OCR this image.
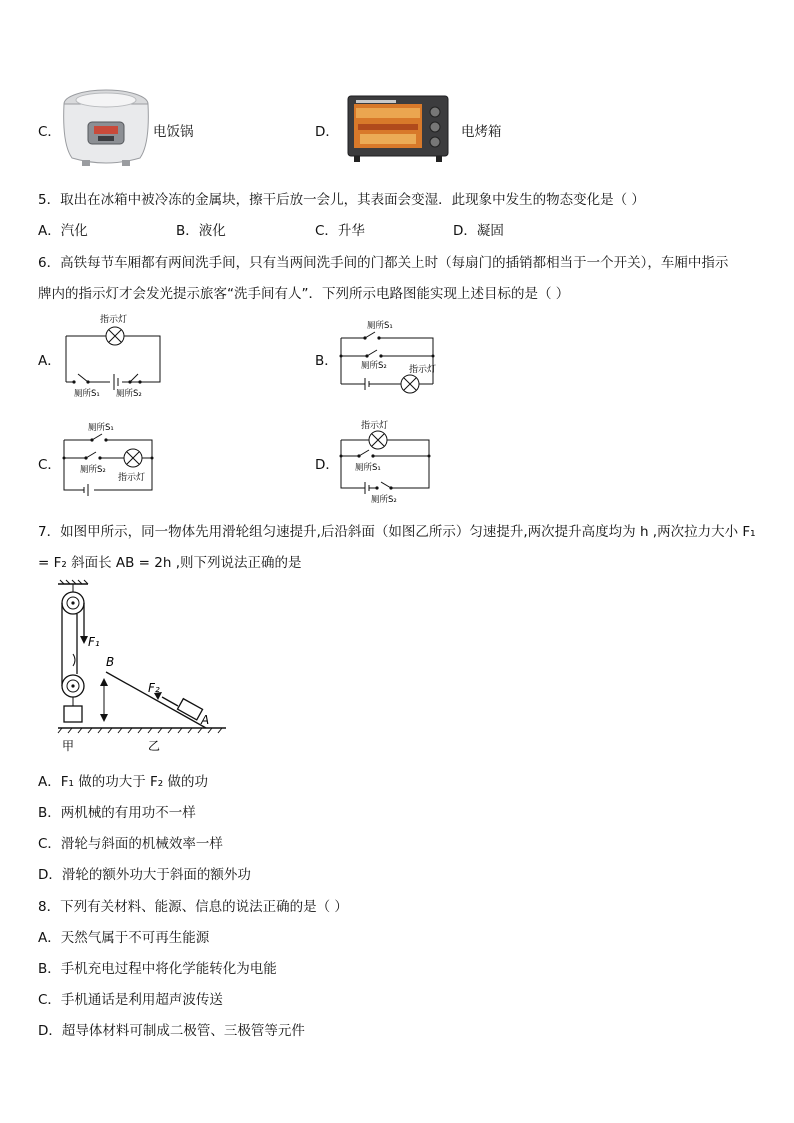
C．	电饭锅	D．	电烤箱
5．取出在冰箱中被冷冻的金属块，擦干后放一会儿，其表面会变湿．此现象中发生的物态变化是（ ）
A．汽化	B．液化	C．升华	D．凝固
6．高铁每节车厢都有两间洗手间，只有当两间洗手间的门都关上时（每扇门的插销都相当于一个开关），车厢中指示
牌内的指示灯才会发光提示旅客“洗手间有人”．下列所示电路图能实现上述目标的是（ ）
A．
指示灯
厕所S₁ 厕所S₂
B．
厕所S₁
厕所S₂ 指示灯
C．
厕所S₁
厕所S₂
指示灯
D．
指示灯
厕所S₁
厕所S₂
7．如图甲所示，同一物体先用滑轮组匀速提升,后沿斜面（如图乙所示）匀速提升,两次提升高度均为 h ,两次拉力大小 F₁
= F₂ 斜面长 AB = 2h ,则下列说法正确的是
F₁
B
A
F₂
甲	乙
A．F₁ 做的功大于 F₂ 做的功
B．两机械的有用功不一样
C．滑轮与斜面的机械效率一样
D．滑轮的额外功大于斜面的额外功
8．下列有关材料、能源、信息的说法正确的是（ ）
A．天然气属于不可再生能源
B．手机充电过程中将化学能转化为电能
C．手机通话是利用超声波传送
D．超导体材料可制成二极管、三极管等元件
